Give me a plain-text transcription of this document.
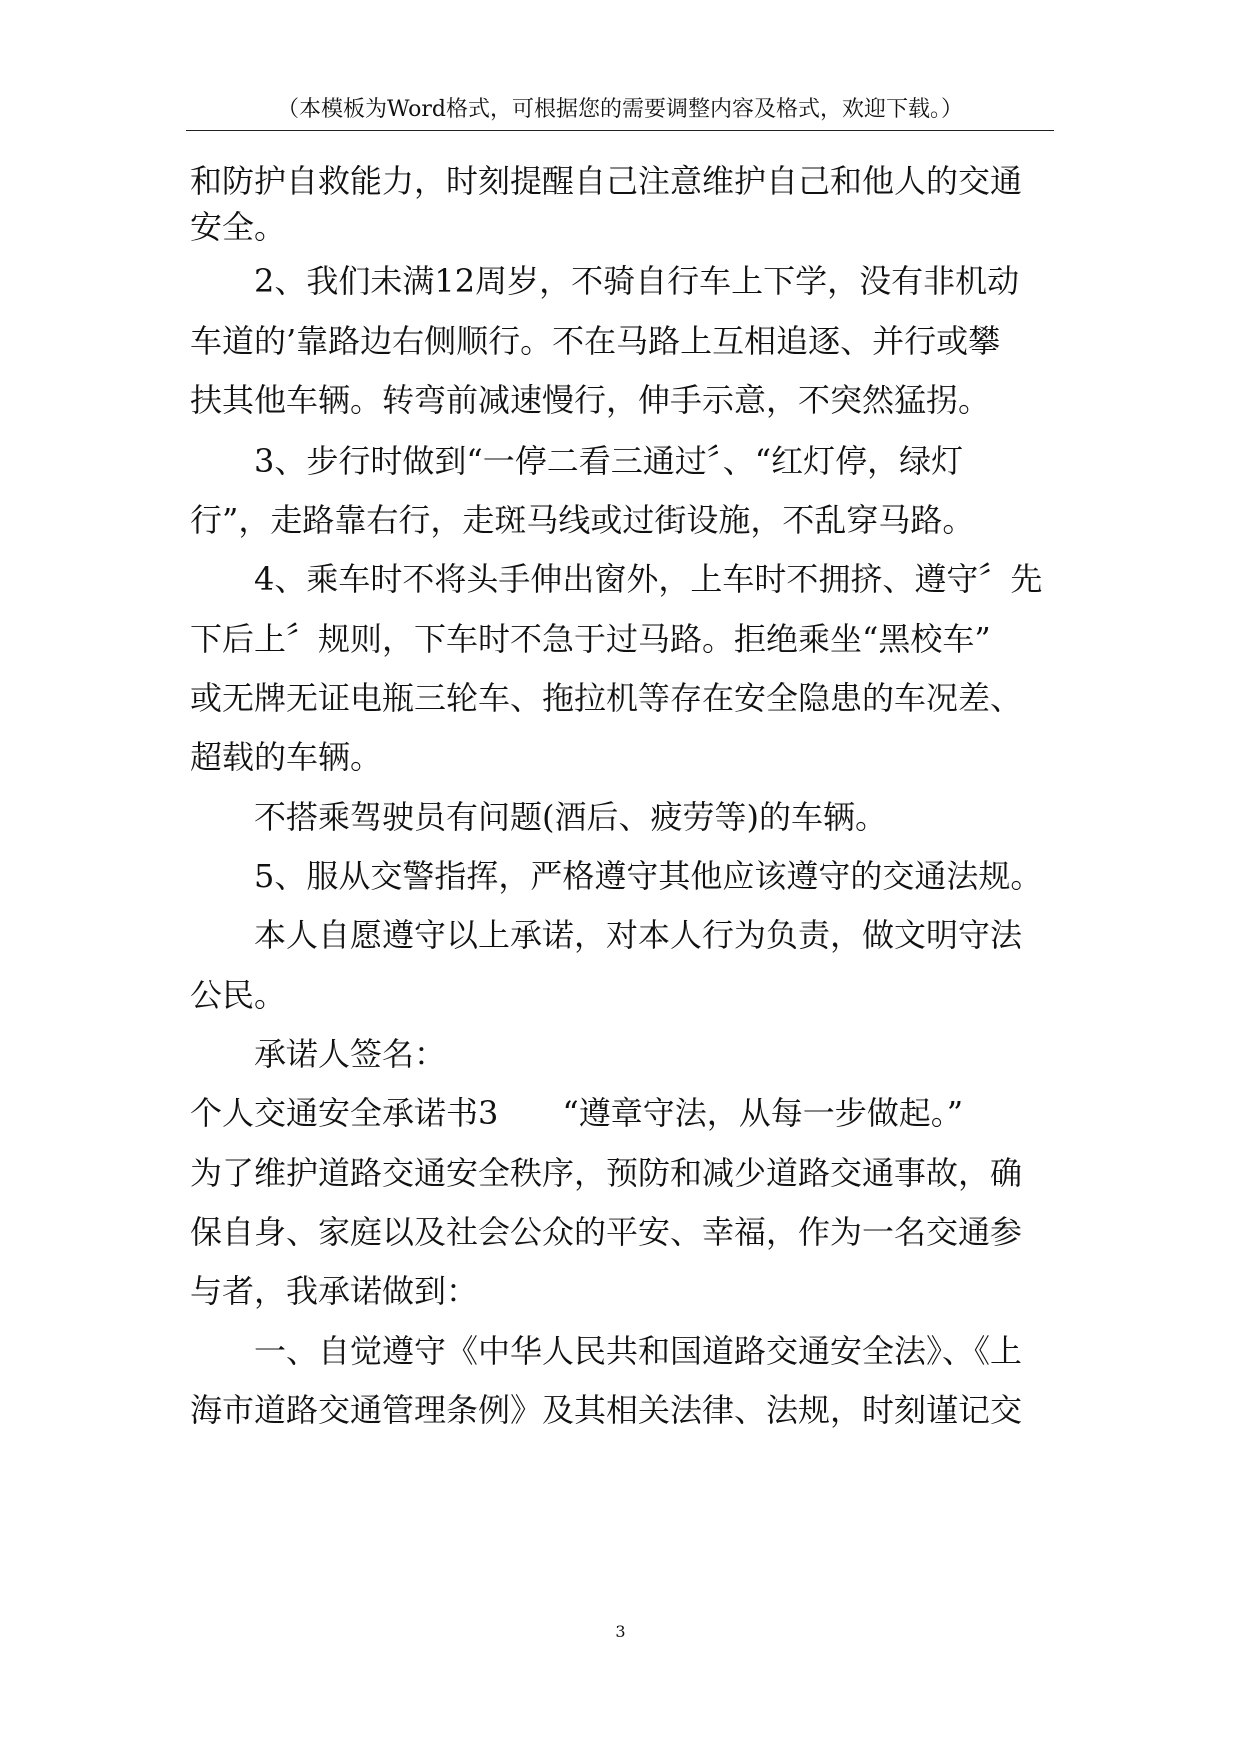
（本模板为Word格式，可根据您的需要调整内容及格式，欢迎下载。）
和防护自救能力，时刻提醒自己注意维护自己和他人的交通
安全。
2、我们未满12周岁，不骑自行车上下学，没有非机动
车道的’靠路边右侧顺行。不在马路上互相追逐、并行或攀
扶其他车辆。转弯前减速慢行，伸手示意，不突然猛拐。
3、步行时做到“一停二看三通过〞、“红灯停，绿灯
行”，走路靠右行，走斑马线或过街设施，不乱穿马路。
4、乘车时不将头手伸出窗外，上车时不拥挤、遵守〞先
下后上〞规则，下车时不急于过马路。拒绝乘坐“黑校车”
或无牌无证电瓶三轮车、拖拉机等存在安全隐患的车况差、
超载的车辆。
不搭乘驾驶员有问题(酒后、疲劳等)的车辆。
5、服从交警指挥，严格遵守其他应该遵守的交通法规。
本人自愿遵守以上承诺，对本人行为负责，做文明守法
公民。
承诺人签名：
个人交通安全承诺书3　　“遵章守法，从每一步做起。”
为了维护道路交通安全秩序，预防和减少道路交通事故，确
保自身、家庭以及社会公众的平安、幸福，作为一名交通参
与者，我承诺做到：
一、自觉遵守《中华人民共和国道路交通安全法》、《上
海市道路交通管理条例》及其相关法律、法规，时刻谨记交
3
